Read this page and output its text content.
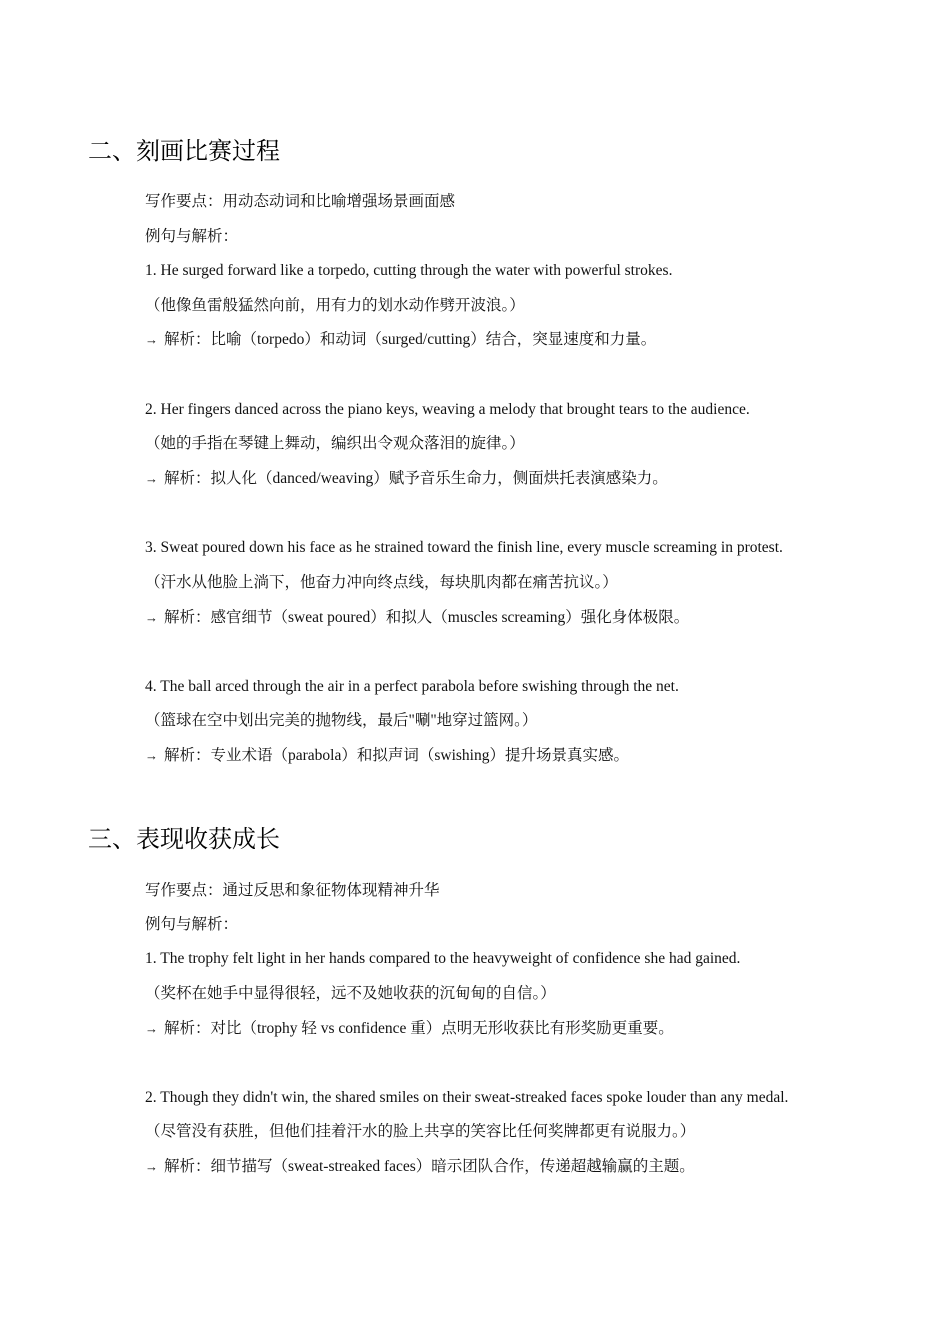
二、刻画比赛过程
写作要点：用动态动词和比喻增强场景画面感
例句与解析：
1. He surged forward like a torpedo, cutting through the water with powerful strokes.
（他像鱼雷般猛然向前，用有力的划水动作劈开波浪。）
→ 解析：比喻（torpedo）和动词（surged/cutting）结合，突显速度和力量。
2. Her fingers danced across the piano keys, weaving a melody that brought tears to the audience.
（她的手指在琴键上舞动，编织出令观众落泪的旋律。）
→ 解析：拟人化（danced/weaving）赋予音乐生命力，侧面烘托表演感染力。
3. Sweat poured down his face as he strained toward the finish line, every muscle screaming in protest.
（汗水从他脸上淌下，他奋力冲向终点线，每块肌肉都在痛苦抗议。）
→ 解析：感官细节（sweat poured）和拟人（muscles screaming）强化身体极限。
4. The ball arced through the air in a perfect parabola before swishing through the net.
（篮球在空中划出完美的抛物线，最后"唰"地穿过篮网。）
→ 解析：专业术语（parabola）和拟声词（swishing）提升场景真实感。
三、表现收获成长
写作要点：通过反思和象征物体现精神升华
例句与解析：
1. The trophy felt light in her hands compared to the heavyweight of confidence she had gained.
（奖杯在她手中显得很轻，远不及她收获的沉甸甸的自信。）
→ 解析：对比（trophy 轻 vs confidence 重）点明无形收获比有形奖励更重要。
2. Though they didn't win, the shared smiles on their sweat-streaked faces spoke louder than any medal.
（尽管没有获胜，但他们挂着汗水的脸上共享的笑容比任何奖牌都更有说服力。）
→ 解析：细节描写（sweat-streaked faces）暗示团队合作，传递超越输赢的主题。
